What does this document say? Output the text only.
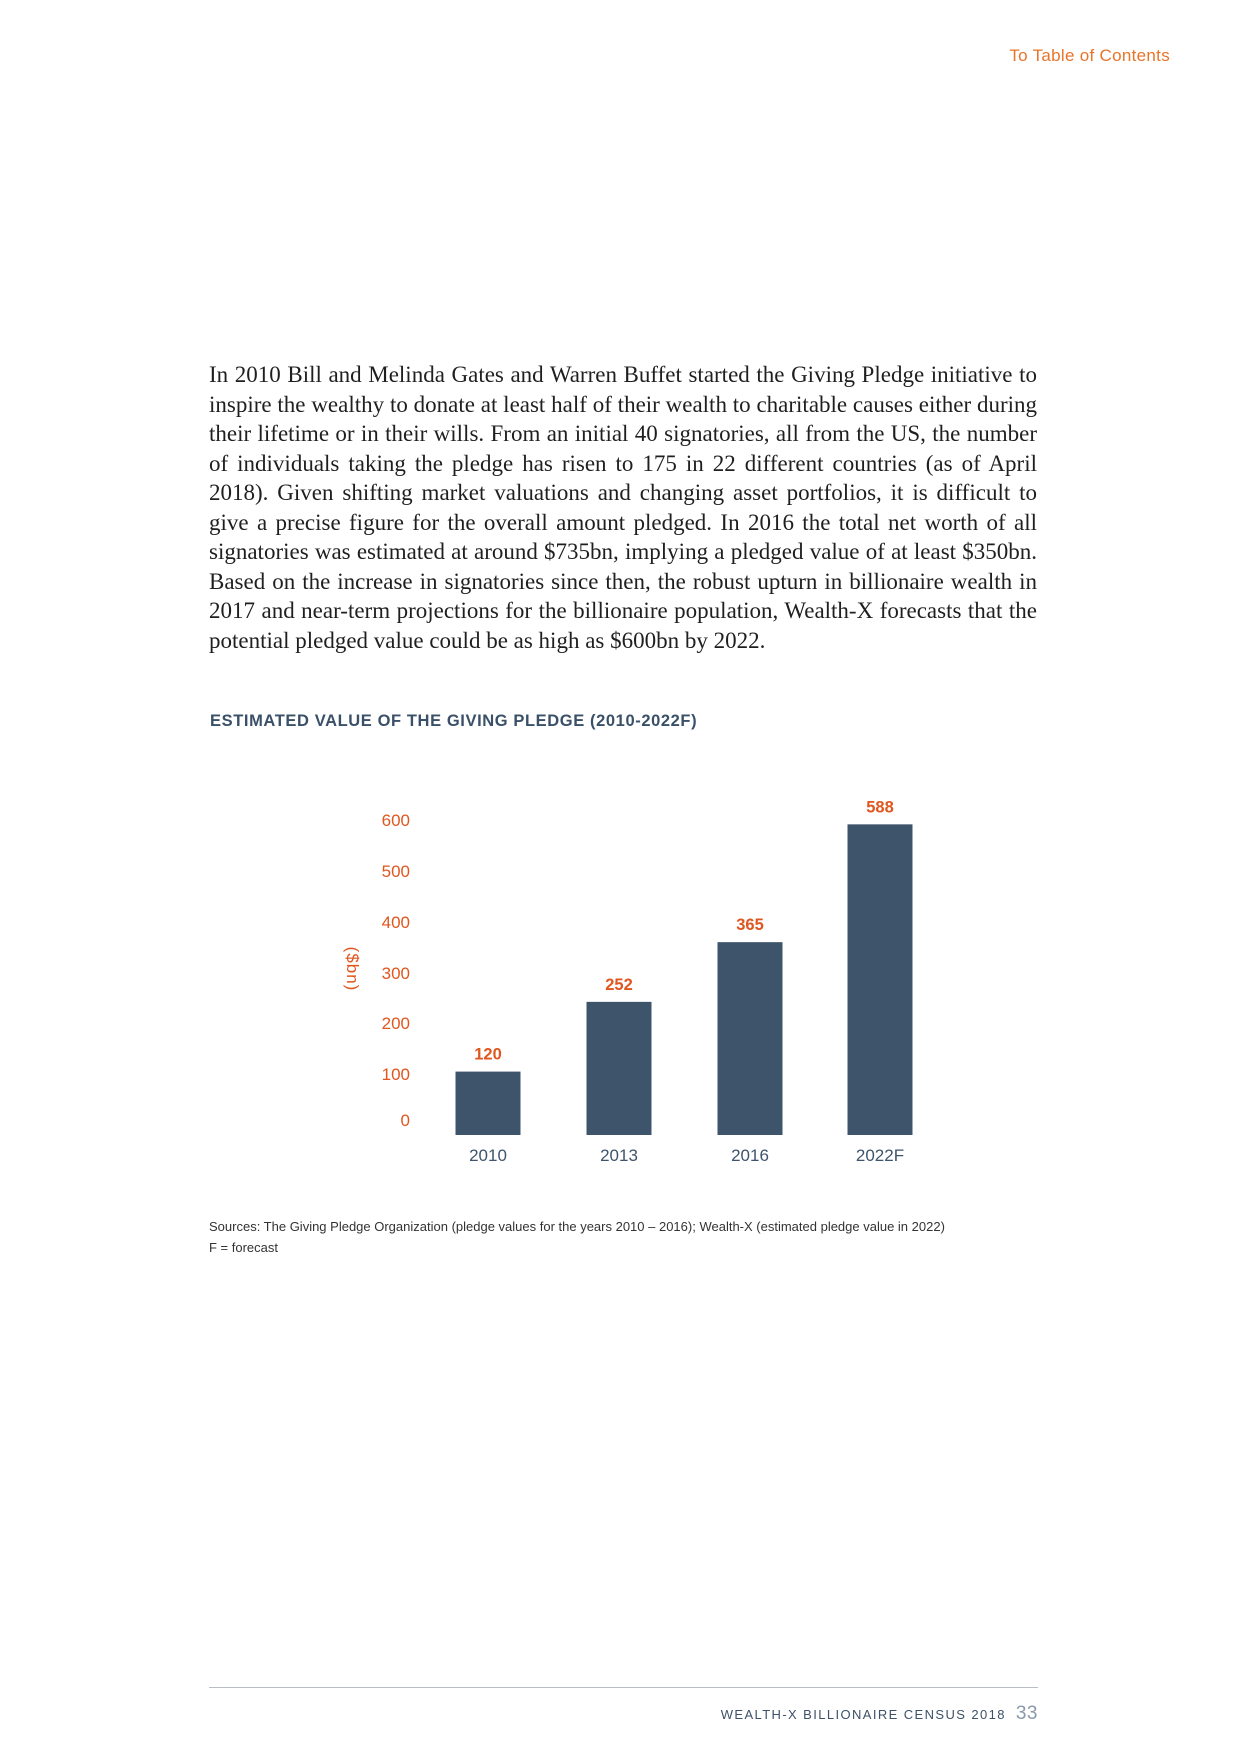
To Table of Contents

In 2010 Bill and Melinda Gates and Warren Buffet started the Giving Pledge initiative to inspire the wealthy to donate at least half of their wealth to charitable causes either during their lifetime or in their wills. From an initial 40 signatories, all from the US, the number of individuals taking the pledge has risen to 175 in 22 different countries (as of April 2018). Given shifting market valuations and changing asset portfolios, it is difficult to give a precise figure for the overall amount pledged. In 2016 the total net worth of all signatories was estimated at around $735bn, implying a pledged value of at least $350bn. Based on the increase in signatories since then, the robust upturn in billionaire wealth in 2017 and near-term projections for the billionaire population, Wealth-X forecasts that the potential pledged value could be as high as $600bn by 2022.

ESTIMATED VALUE OF THE GIVING PLEDGE (2010-2022F)
0
100
200
300
400
500
600
($bn)
120
2010
252
2013
365
2016
588
2022F

Sources: The Giving Pledge Organization (pledge values for the years 2010 – 2016); Wealth-X (estimated pledge value in 2022)

F = forecast

WEALTH-X BILLIONAIRE CENSUS 2018 33
